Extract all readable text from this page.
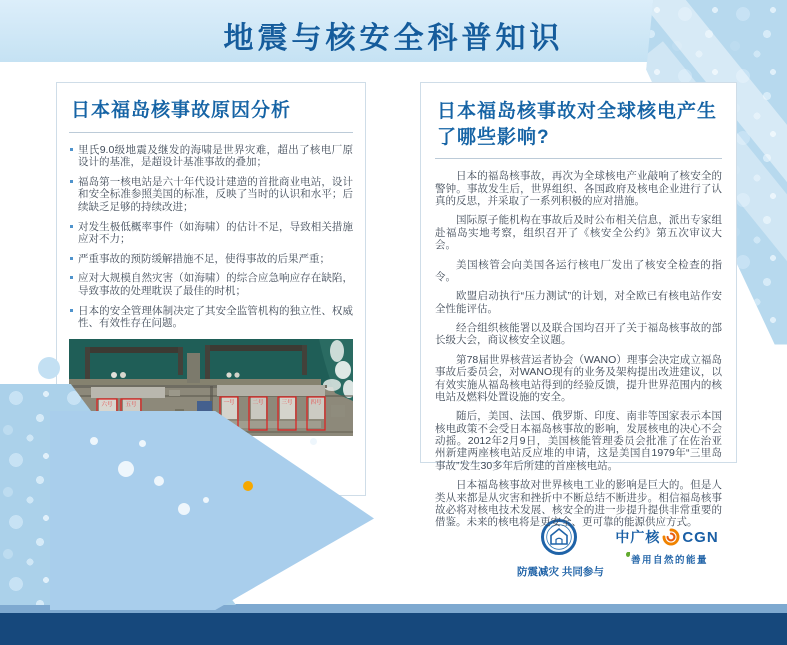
地震与核安全科普知识
日本福岛核事故原因分析
里氏9.0级地震及继发的海啸是世界灾难，超出了核电厂原设计的基准，是超设计基准事故的叠加；
福岛第一核电站是六十年代设计建造的首批商业电站，设计和安全标准参照美国的标准，反映了当时的认识和水平；后续缺乏足够的持续改进；
对发生极低概率事件（如海啸）的估计不足，导致相关措施应对不力；
严重事故的预防缓解措施不足，使得事故的后果严重；
应对大规模自然灾害（如海啸）的综合应急响应存在缺陷，导致事故的处理耽误了最佳的时机；
日本的安全管理体制决定了其安全监管机构的独立性、权威性、有效性存在问题。
六号 五号	一号	二号	三号	四号
日本福岛核事故对全球核电产生了哪些影响?

日本的福岛核事故，再次为全球核电产业敲响了核安全的警钟。事故发生后，世界组织、各国政府及核电企业进行了认真的反思，并采取了一系列积极的应对措施。

国际原子能机构在事故后及时公布相关信息，派出专家组赴福岛实地考察，组织召开了《核安全公约》第五次审议大会。

美国核管会向美国各运行核电厂发出了核安全检查的指令。

欧盟启动执行“压力测试”的计划，对全欧已有核电站作安全性能评估。

经合组织核能署以及联合国均召开了关于福岛核事故的部长级大会，商议核安全议题。

第78届世界核营运者协会（WANO）理事会决定成立福岛事故后委员会，对WANO现有的业务及架构提出改进建议，以有效实施从福岛核电站得到的经验反馈，提升世界范围内的核电站及燃料处置设施的安全。

随后，美国、法国、俄罗斯、印度、南非等国家表示本国核电政策不会受日本福岛核事故的影响，发展核电的决心不会动摇。2012年2月9日，美国核能管理委员会批准了在佐治亚州新建两座核电站反应堆的申请，这是美国自1979年“三里岛事故”发生30多年后所建的首座核电站。

日本福岛核事故对世界核电工业的影响是巨大的。但是人类从来都是从灾害和挫折中不断总结不断进步。相信福岛核事故必将对核电技术发展、核安全的进一步提升提供非常重要的借鉴。未来的核电将是更安全、更可靠的能源供应方式。

防震减灾 共同参与
中广核 CGN
善用自然的能量
